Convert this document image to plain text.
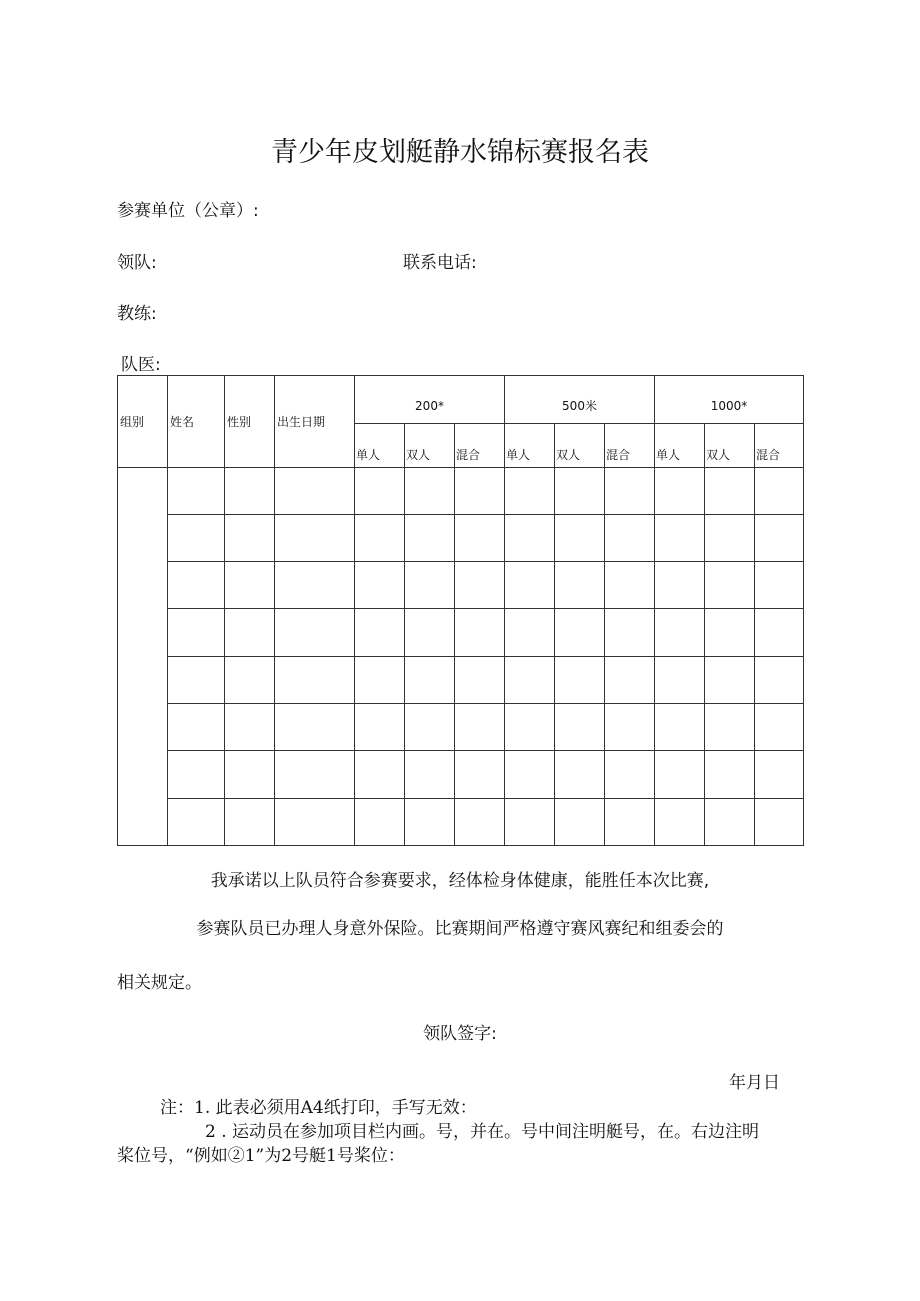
青少年皮划艇静水锦标赛报名表
参赛单位（公章）:
领队:	联系电话:
教练:
队医:
组别	姓名	性别	出生日期	200*			500米			1000*		
				单人	双人	混合	单人	双人	混合	单人	双人	混合

我承诺以上队员符合参赛要求，经体检身体健康，能胜任本次比赛,
参赛队员已办理人身意外保险。比赛期间严格遵守赛风赛纪和组委会的
相关规定。
领队签字:
年月日
注：1. 此表必须用A4纸打印，手写无效：
2 . 运动员在参加项目栏内画。号，并在。号中间注明艇号，在。右边注明
桨位号，“例如②1”为2号艇1号桨位：
